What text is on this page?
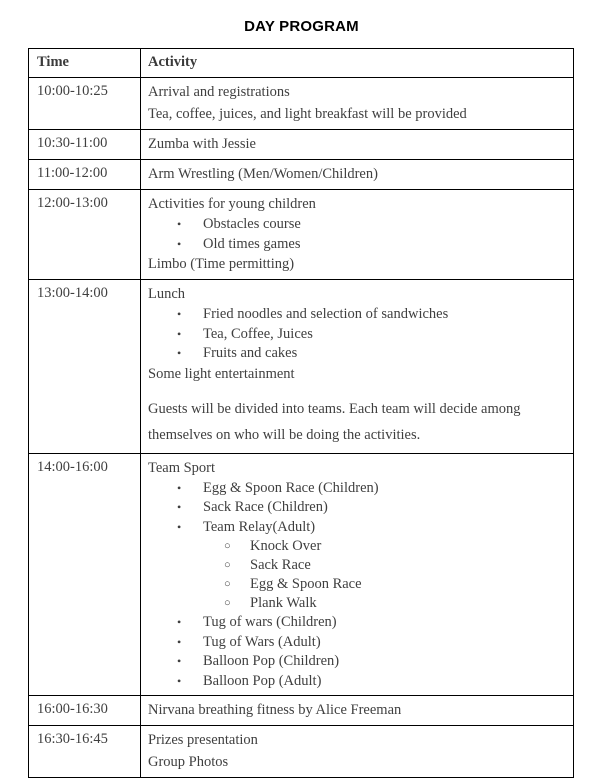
DAY PROGRAM
Time	Activity

10:00-10:25	Arrival and registrations
Tea, coffee, juices, and light breakfast will be provided

10:30-11:00	Zumba with Jessie

11:00-12:00	Arm Wrestling (Men/Women/Children)

12:00-13:00	Activities for young children
• Obstacles course
• Old times games
Limbo (Time permitting)

13:00-14:00	Lunch
• Fried noodles and selection of sandwiches
• Tea, Coffee, Juices
• Fruits and cakes
Some light entertainment
Guests will be divided into teams. Each team will decide among themselves on who will be doing the activities.

14:00-16:00	Team Sport
• Egg & Spoon Race (Children)
• Sack Race (Children)
• Team Relay(Adult)
○ Knock Over
○ Sack Race
○ Egg & Spoon Race
○ Plank Walk
• Tug of wars (Children)
• Tug of Wars (Adult)
• Balloon Pop (Children)
• Balloon Pop (Adult)

16:00-16:30	Nirvana breathing fitness by Alice Freeman

16:30-16:45	Prizes presentation
Group Photos
